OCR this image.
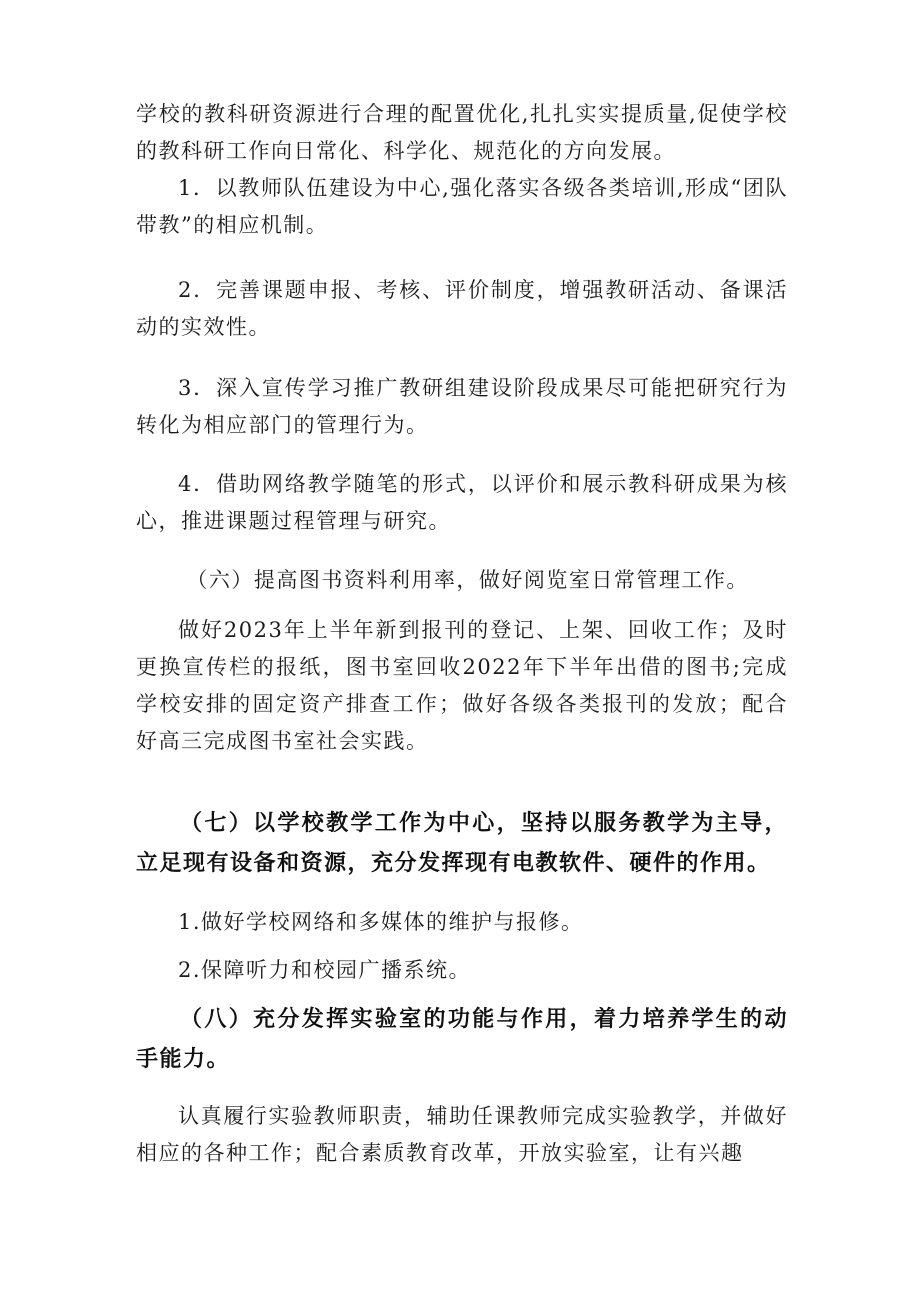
学校的教科研资源进行合理的配置优化,扎扎实实提质量,促使学校的教科研工作向日常化、科学化、规范化的方向发展。

1．以教师队伍建设为中心,强化落实各级各类培训,形成“团队带教”的相应机制。

2．完善课题申报、考核、评价制度，增强教研活动、备课活动的实效性。

3．深入宣传学习推广教研组建设阶段成果尽可能把研究行为转化为相应部门的管理行为。

4．借助网络教学随笔的形式，以评价和展示教科研成果为核心，推进课题过程管理与研究。

（六）提高图书资料利用率，做好阅览室日常管理工作。

做好2023年上半年新到报刊的登记、上架、回收工作；及时更换宣传栏的报纸，图书室回收2022年下半年出借的图书;完成学校安排的固定资产排查工作；做好各级各类报刊的发放；配合好高三完成图书室社会实践。

（七）以学校教学工作为中心，坚持以服务教学为主导，立足现有设备和资源，充分发挥现有电教软件、硬件的作用。

1.做好学校网络和多媒体的维护与报修。

2.保障听力和校园广播系统。

（八）充分发挥实验室的功能与作用，着力培养学生的动手能力。

认真履行实验教师职责，辅助任课教师完成实验教学，并做好相应的各种工作；配合素质教育改革，开放实验室，让有兴趣
